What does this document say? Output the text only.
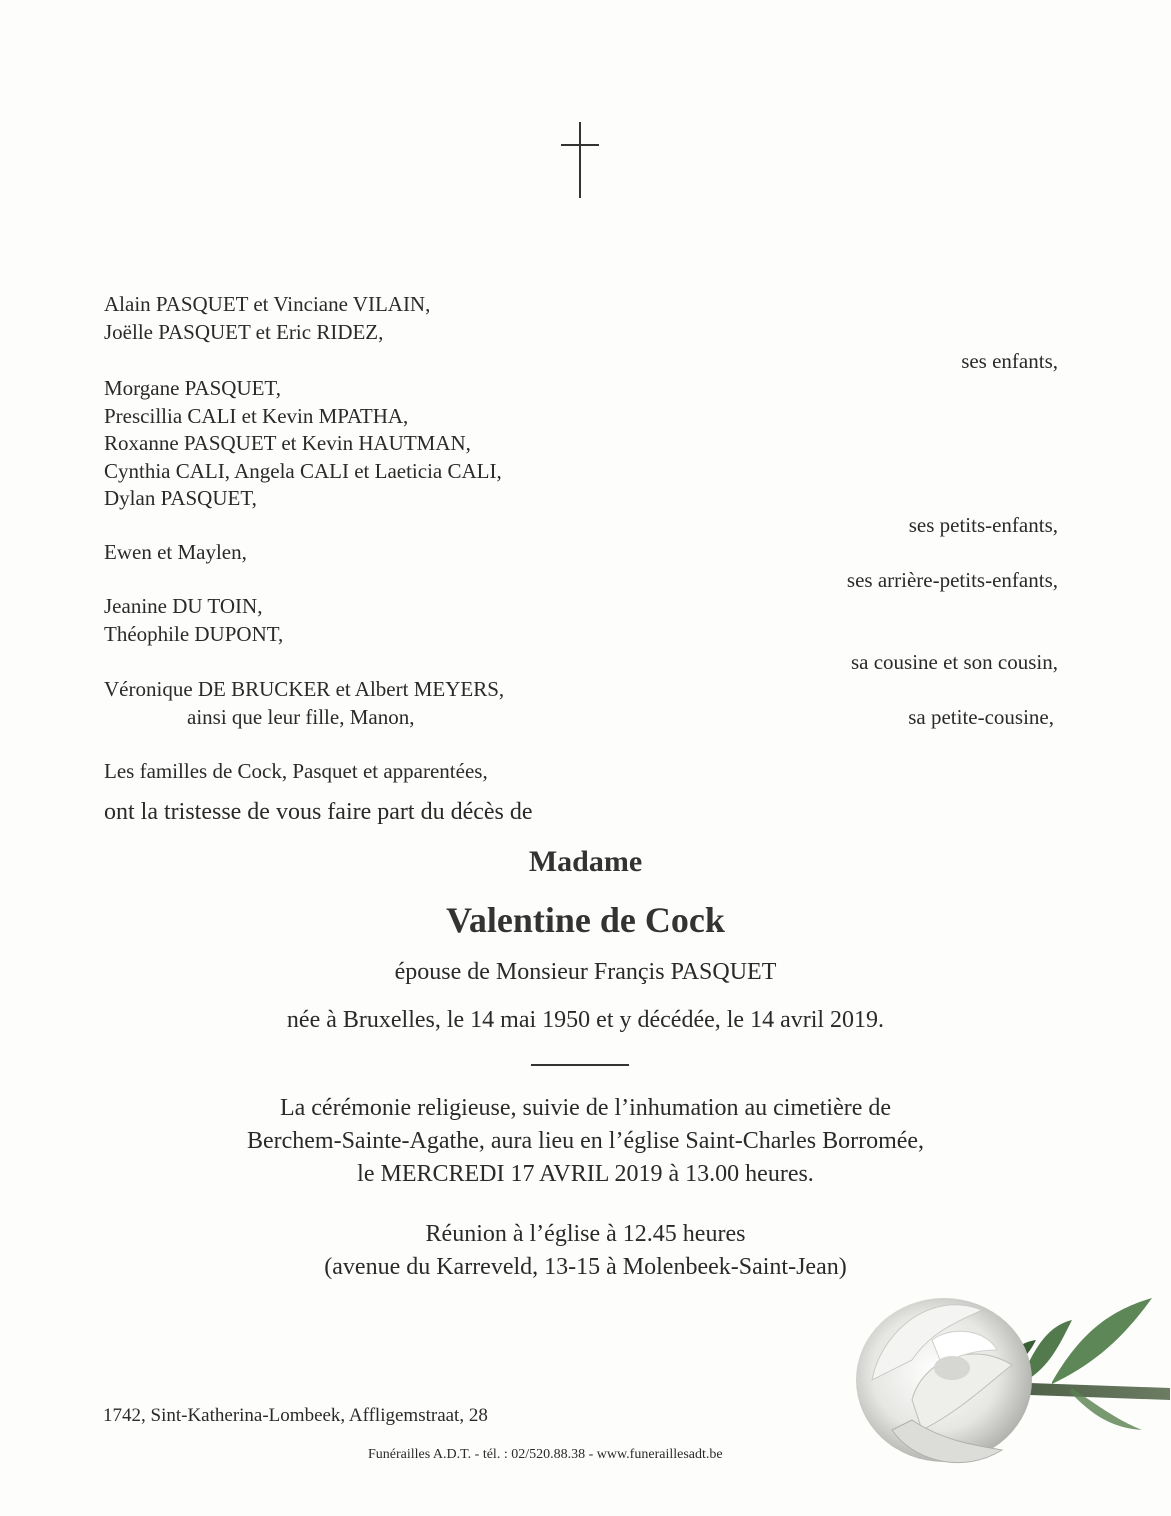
Alain PASQUET et Vinciane VILAIN,
Joëlle PASQUET et Eric RIDEZ,
Morgane PASQUET,
Prescillia CALI et Kevin MPATHA,
Roxanne PASQUET et Kevin HAUTMAN,
Cynthia CALI, Angela CALI et Laeticia CALI,
Dylan PASQUET,
Ewen et Maylen,
Jeanine DU TOIN,
Théophile DUPONT,
Véronique DE BRUCKER et Albert MEYERS,
ainsi que leur fille, Manon,
Les familles de Cock, Pasquet et apparentées,
ses enfants,
ses petits-enfants,
ses arrière-petits-enfants,
sa cousine et son cousin,
sa petite-cousine,
ont la tristesse de vous faire part du décès de
Madame
Valentine de Cock
épouse de Monsieur Françis PASQUET
née à Bruxelles, le 14 mai 1950 et y décédée, le 14 avril 2019.
La cérémonie religieuse, suivie de l’inhumation au cimetière de
Berchem-Sainte-Agathe, aura lieu en l’église Saint-Charles Borromée,
le MERCREDI 17 AVRIL 2019 à 13.00 heures.
Réunion à l’église à 12.45 heures
(avenue du Karreveld, 13-15 à Molenbeek-Saint-Jean)
1742, Sint-Katherina-Lombeek, Affligemstraat, 28
Funérailles A.D.T. - tél. : 02/520.88.38 - www.funeraillesadt.be
